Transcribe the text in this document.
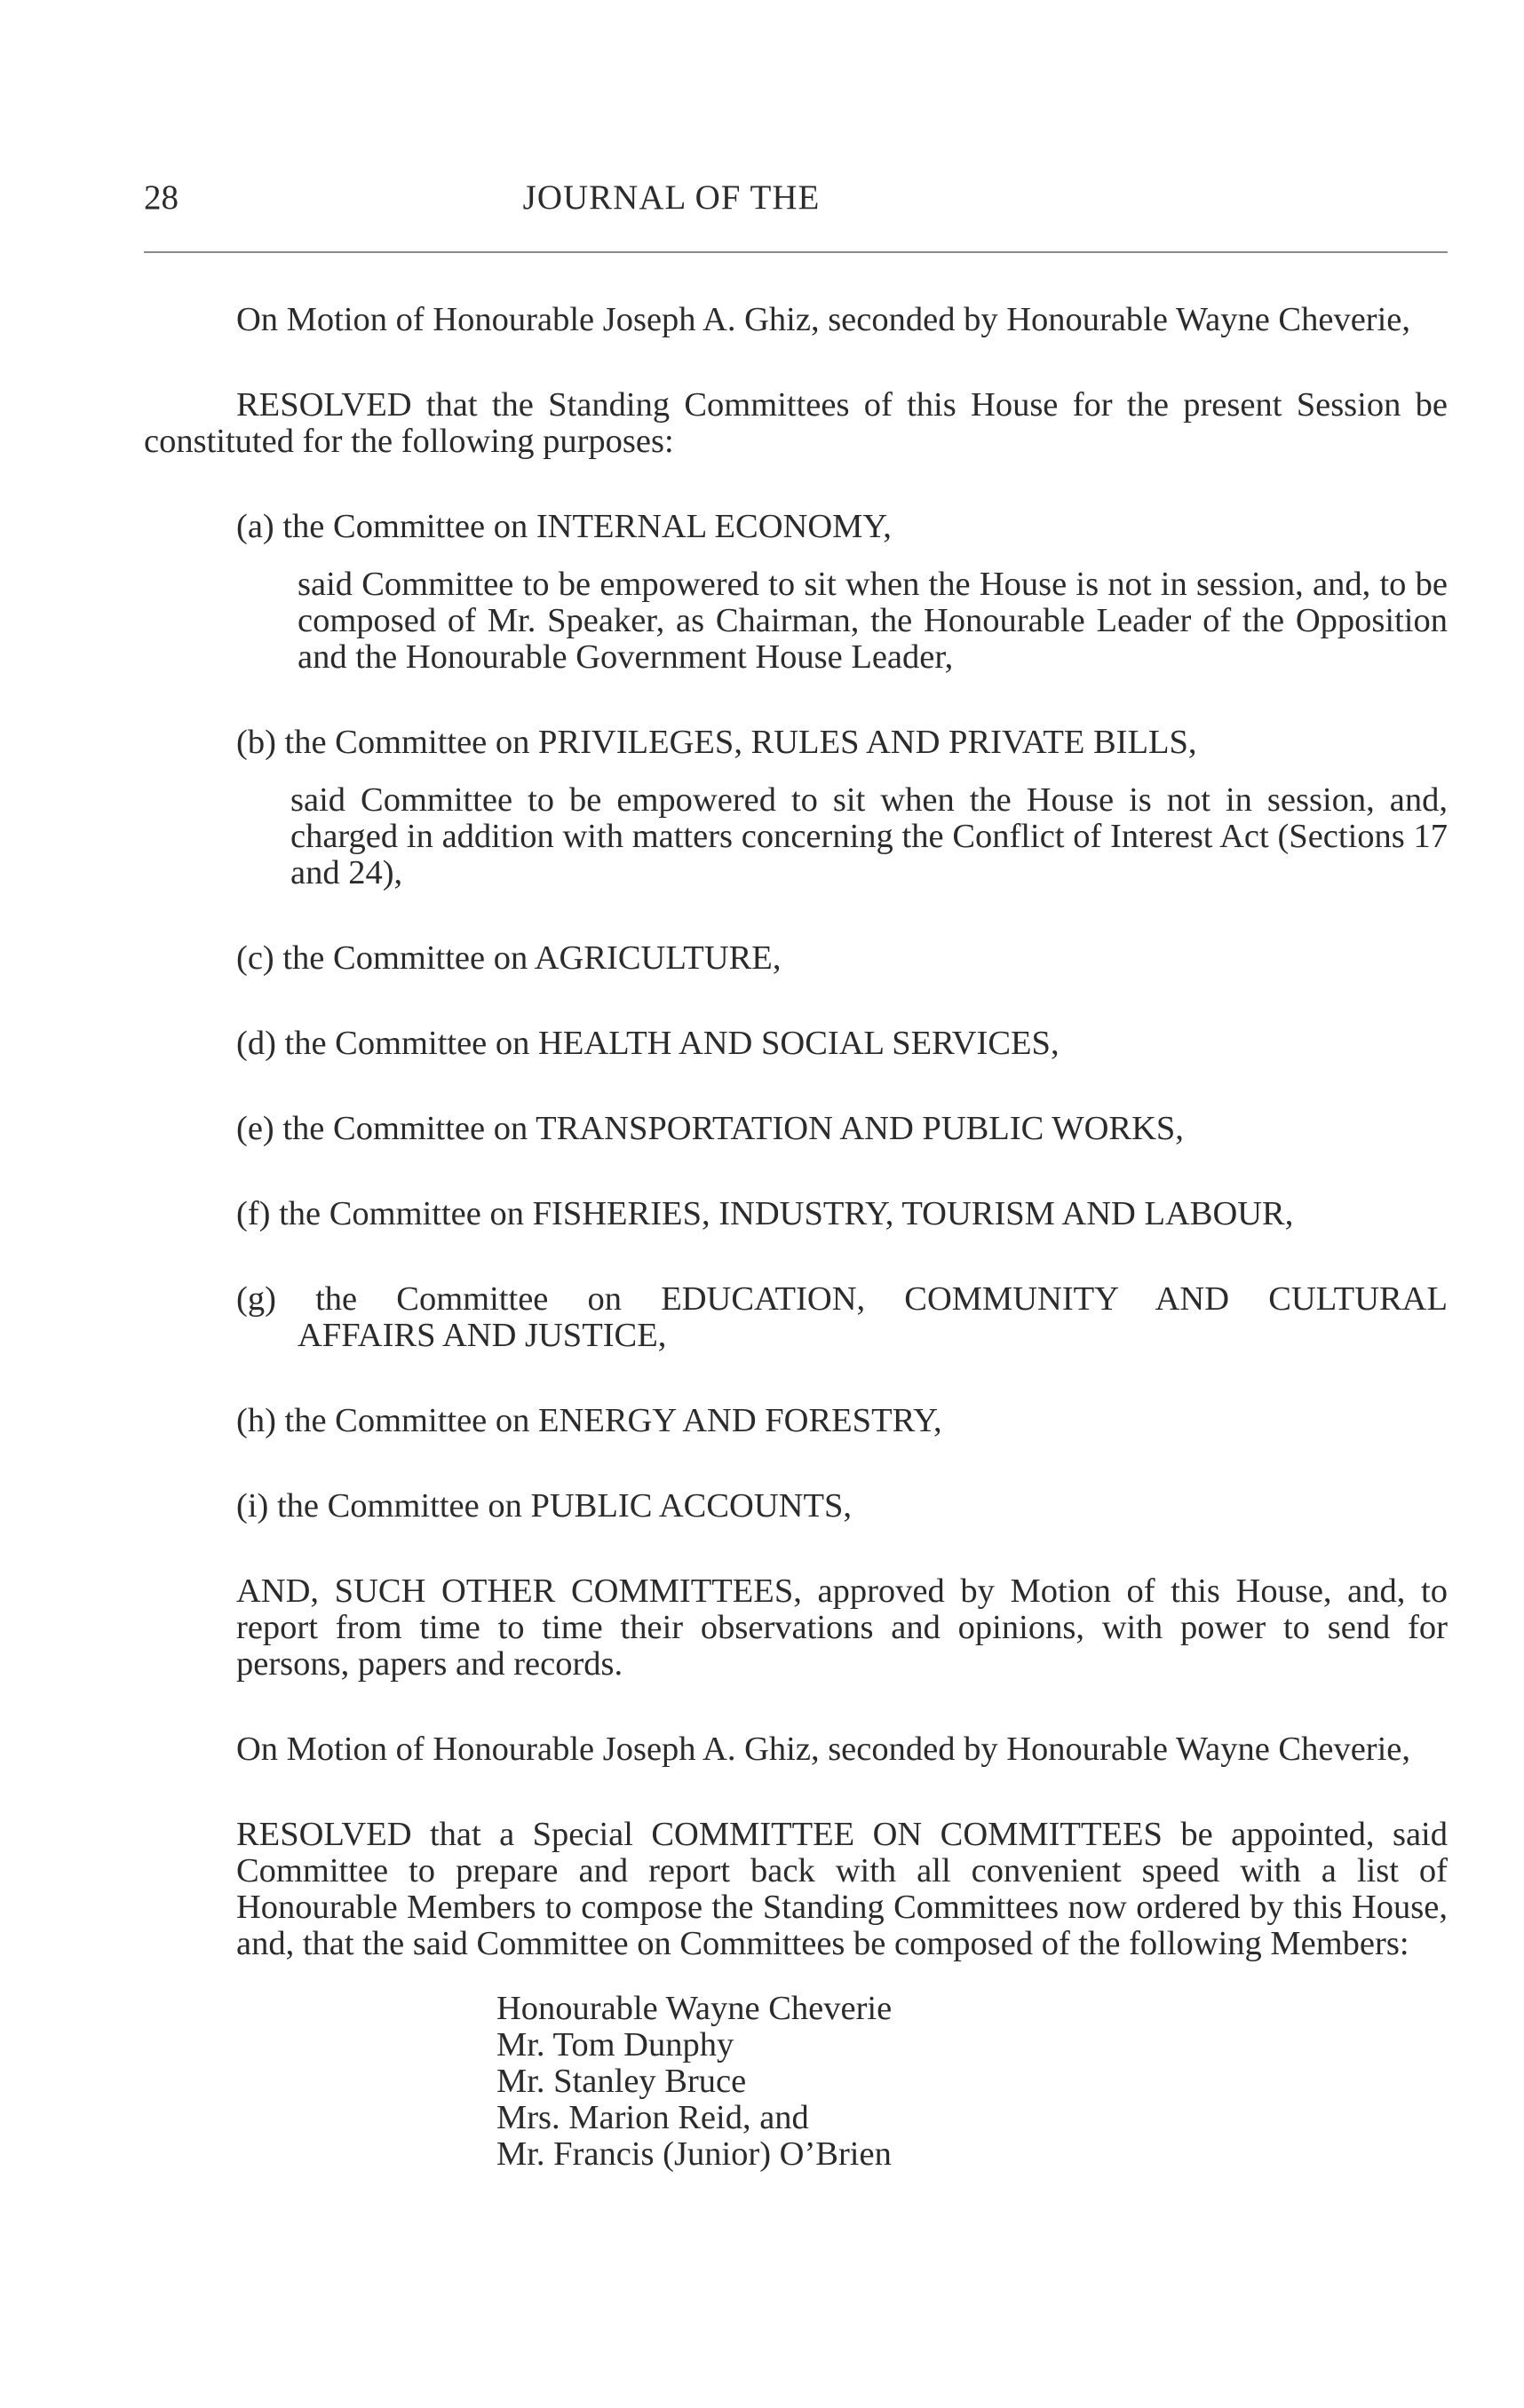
28	JOURNAL OF THE

On Motion of Honourable Joseph A. Ghiz, seconded by Honourable Wayne Cheverie,

RESOLVED that the Standing Committees of this House for the present Session be constituted for the following purposes:

(a) the Committee on INTERNAL ECONOMY,

said Committee to be empowered to sit when the House is not in session, and, to be composed of Mr. Speaker, as Chairman, the Honourable Leader of the Opposition and the Honourable Government House Leader,

(b) the Committee on PRIVILEGES, RULES AND PRIVATE BILLS,

said Committee to be empowered to sit when the House is not in session, and, charged in addition with matters concerning the Conflict of Interest Act (Sections 17 and 24),

(c) the Committee on AGRICULTURE,

(d) the Committee on HEALTH AND SOCIAL SERVICES,

(e) the Committee on TRANSPORTATION AND PUBLIC WORKS,

(f) the Committee on FISHERIES, INDUSTRY, TOURISM AND LABOUR,

(g) the Committee on EDUCATION, COMMUNITY AND CULTURAL

AFFAIRS AND JUSTICE,

(h) the Committee on ENERGY AND FORESTRY,

(i) the Committee on PUBLIC ACCOUNTS,

AND, SUCH OTHER COMMITTEES, approved by Motion of this House, and, to report from time to time their observations and opinions, with power to send for persons, papers and records.

On Motion of Honourable Joseph A. Ghiz, seconded by Honourable Wayne Cheverie,

RESOLVED that a Special COMMITTEE ON COMMITTEES be appointed, said Committee to prepare and report back with all convenient speed with a list of Honourable Members to compose the Standing Committees now ordered by this House, and, that the said Committee on Committees be composed of the following Members:

Honourable Wayne Cheverie
Mr. Tom Dunphy
Mr. Stanley Bruce
Mrs. Marion Reid, and
Mr. Francis (Junior) O’Brien
